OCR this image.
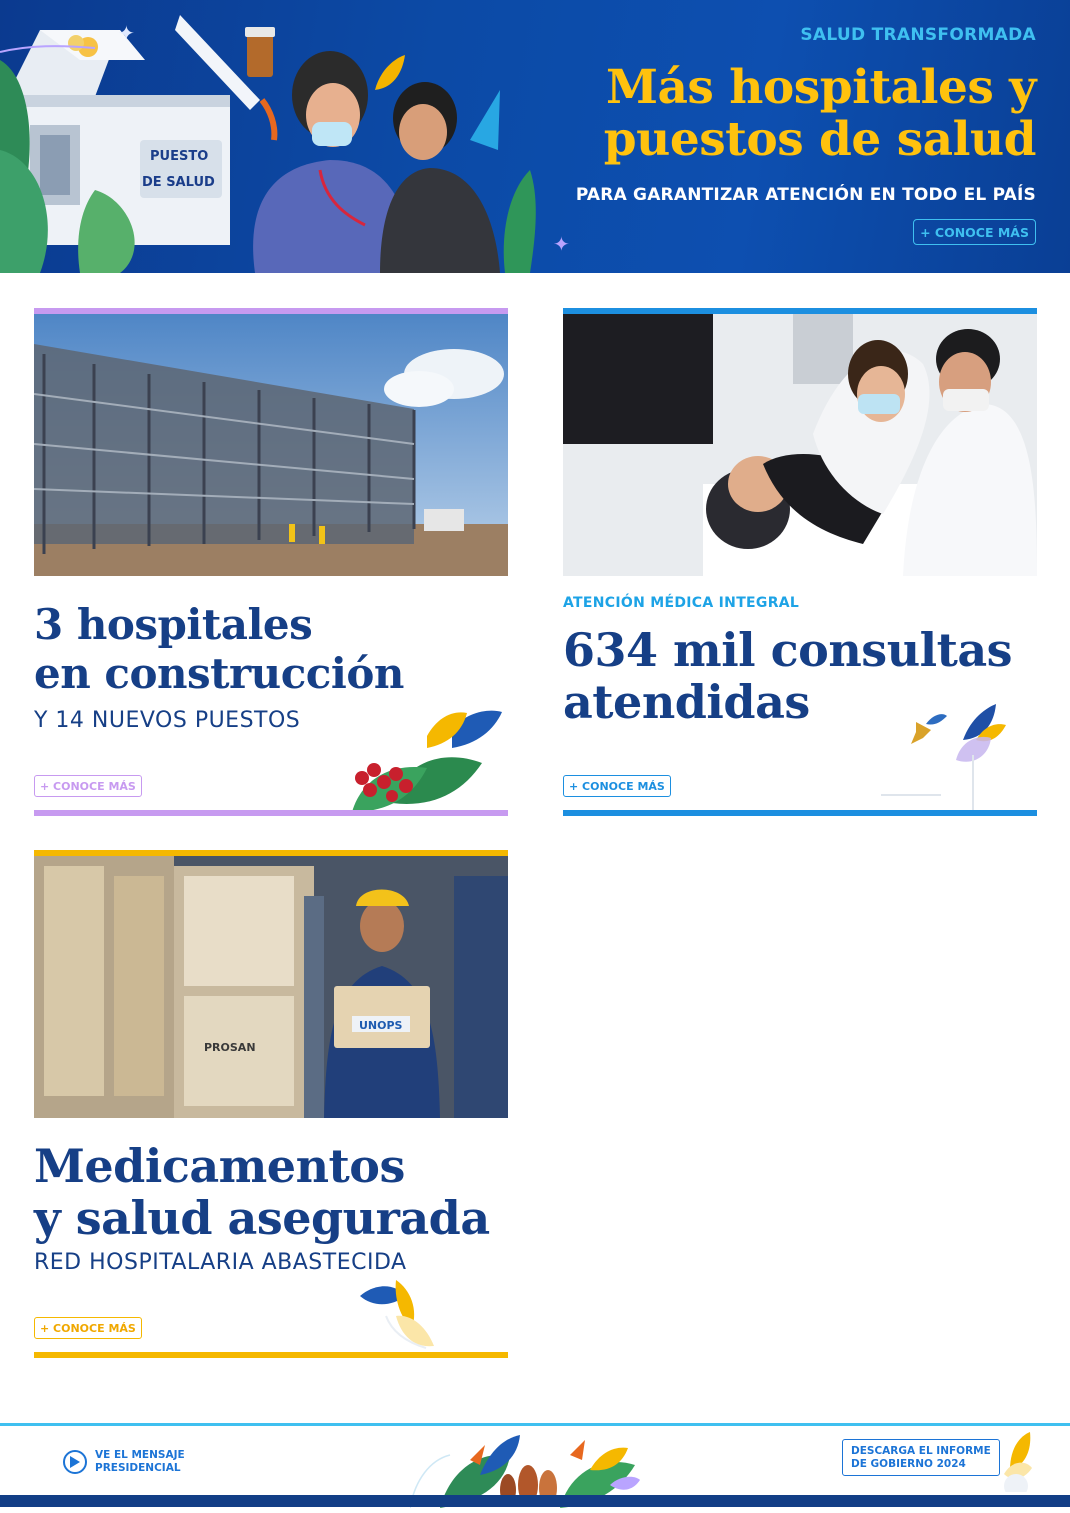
PUESTO
DE SALUD
✦	SALUD TRANSFORMADA
Más hospitales y puestos de salud
PARA GARANTIZAR ATENCIÓN EN TODO EL PAÍS
+ CONOCE MÁS
✦
3 hospitales
en construcción
Y 14 NUEVOS PUESTOS
+ CONOCE MÁS
ATENCIÓN MÉDICA INTEGRAL
634 mil consultas
atendidas
+ CONOCE MÁS
PROSAN
UNOPS
Medicamentos
y salud asegurada
RED HOSPITALARIA ABASTECIDA
+ CONOCE MÁS
VE EL MENSAJE
PRESIDENCIAL
DESCARGA EL INFORME
DE GOBIERNO 2024
